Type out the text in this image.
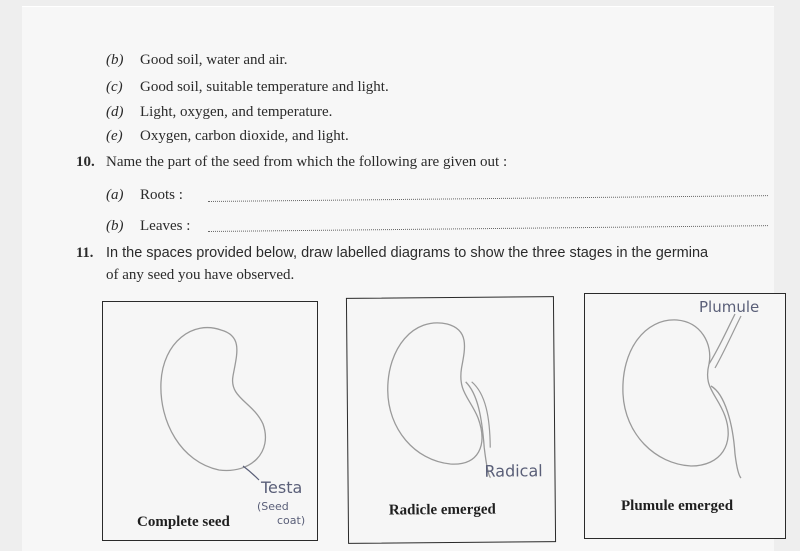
(b) Good soil, water and air.
(c) Good soil, suitable temperature and light.
(d) Light, oxygen, and temperature.
(e) Oxygen, carbon dioxide, and light.
10. Name the part of the seed from which the following are given out :
(a) Roots :
(b) Leaves :
11. In the spaces provided below, draw labelled diagrams to show the three stages in the germina
of any seed you have observed.
Testa
(Seed
coat)
Complete seed
Radical
Radicle emerged
Plumule
Plumule emerged
